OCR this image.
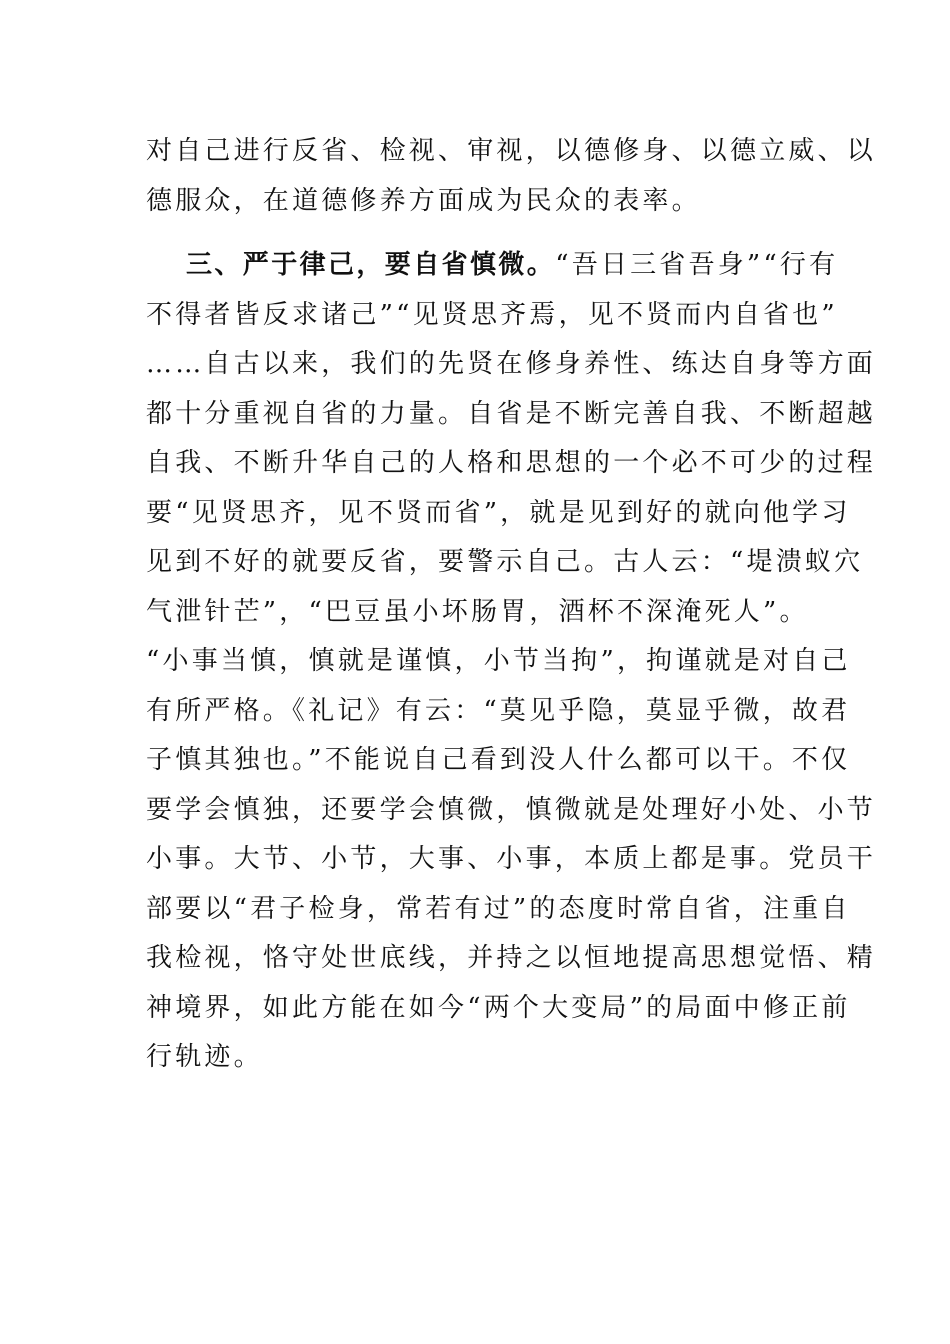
对自己进行反省、检视、审视，以德修身、以德立威、以
德服众，在道德修养方面成为民众的表率。
三、严于律己，要自省慎微。“吾日三省吾身”“行有
不得者皆反求诸己”“见贤思齐焉，见不贤而内自省也”
……自古以来，我们的先贤在修身养性、练达自身等方面
都十分重视自省的力量。自省是不断完善自我、不断超越
自我、不断升华自己的人格和思想的一个必不可少的过程
要“见贤思齐，见不贤而省”，就是见到好的就向他学习
见到不好的就要反省，要警示自己。古人云：“堤溃蚁穴
气泄针芒”，“巴豆虽小坏肠胃，酒杯不深淹死人”。
“小事当慎，慎就是谨慎，小节当拘”，拘谨就是对自己
有所严格。《礼记》有云：“莫见乎隐，莫显乎微，故君
子慎其独也。”不能说自己看到没人什么都可以干。不仅
要学会慎独，还要学会慎微，慎微就是处理好小处、小节
小事。大节、小节，大事、小事，本质上都是事。党员干
部要以“君子检身，常若有过”的态度时常自省，注重自
我检视，恪守处世底线，并持之以恒地提高思想觉悟、精
神境界，如此方能在如今“两个大变局”的局面中修正前
行轨迹。
